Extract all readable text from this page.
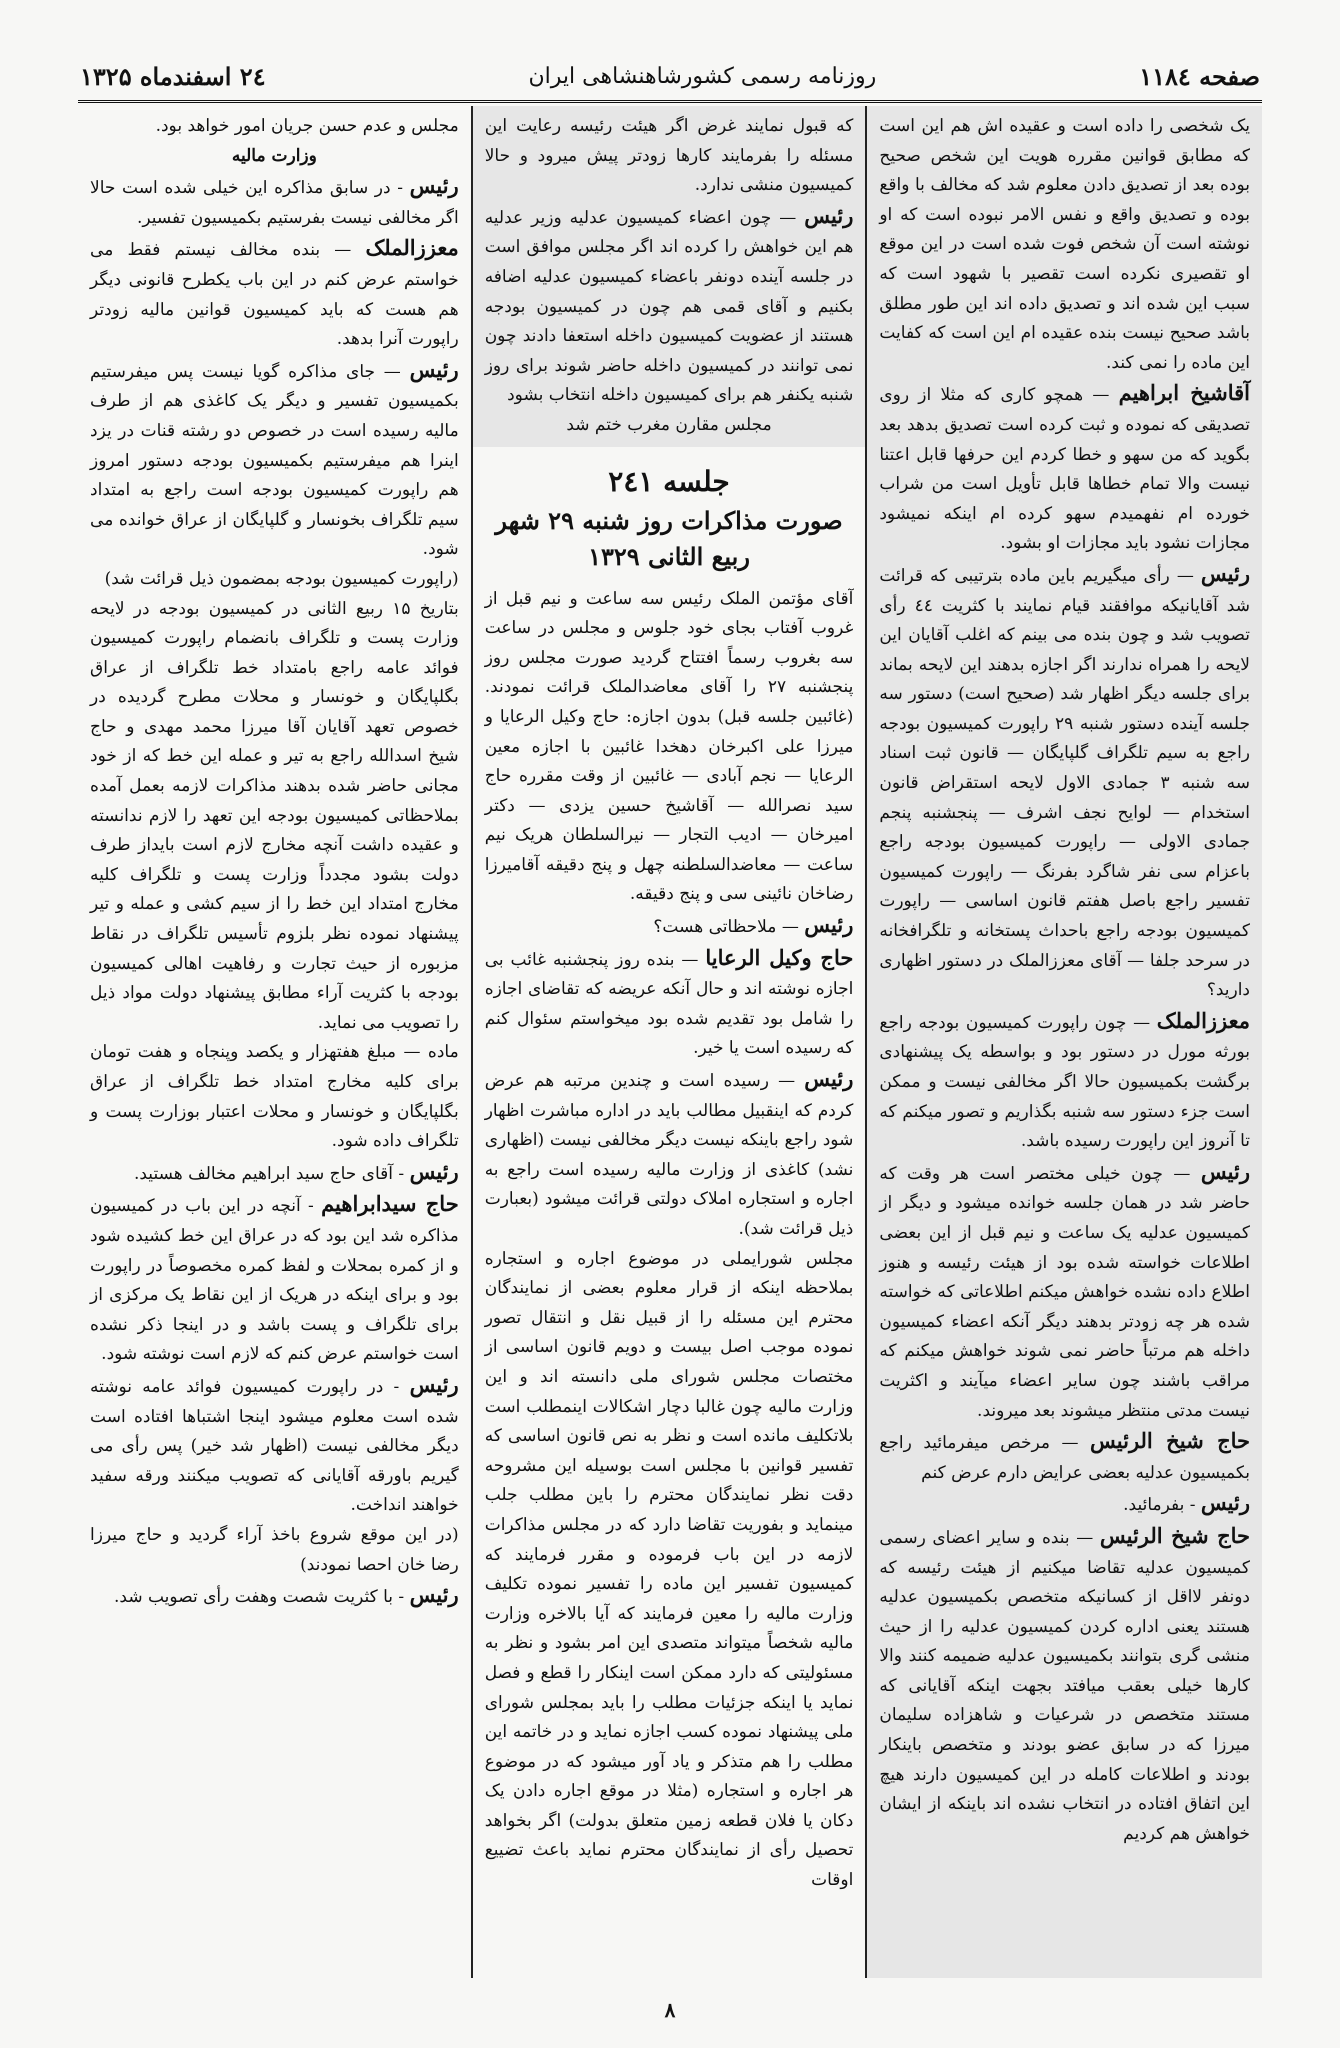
صفحه ۱۱۸٤
روزنامه رسمی کشورشاهنشاهی ایران
۲٤ اسفندماه ۱۳۲۵

یک شخصی را داده است و عقیده اش هم این است که مطابق قوانین مقرره هویت این شخص صحیح بوده بعد از تصدیق دادن معلوم شد که مخالف با واقع بوده و تصدیق واقع و نفس الامر نبوده است که او نوشته است آن شخص فوت شده است در این موقع او تقصیری نکرده است تقصیر با شهود است که سبب این شده اند و تصدیق داده اند این طور مطلق باشد صحیح نیست بنده عقیده ام این است که کفایت این ماده را نمی کند.

آقاشیخ ابراهیم — همچو کاری که مثلا از روی تصدیقی که نموده و ثبت کرده است تصدیق بدهد بعد بگوید که من سهو و خطا کردم این حرفها قابل اعتنا نیست والا تمام خطاها قابل تأویل است من شراب خورده ام نفهمیدم سهو کرده ام اینکه نمیشود مجازات نشود باید مجازات او بشود.

رئیس — رأی میگیریم باین ماده بترتیبی که قرائت شد آقایانیکه موافقند قیام نمایند با کثریت ٤٤ رأی تصویب شد و چون بنده می بینم که اغلب آقایان این لایحه را همراه ندارند اگر اجازه بدهند این لایحه بماند برای جلسه دیگر اظهار شد (صحیح است) دستور سه جلسه آینده دستور شنبه ۲۹ راپورت کمیسیون بودجه راجع به سیم تلگراف گلپایگان — قانون ثبت اسناد سه شنبه ۳ جمادی الاول لایحه استقراض قانون استخدام — لوایح نجف اشرف — پنجشنبه پنجم جمادی الاولی — راپورت کمیسیون بودجه راجع باعزام سی نفر شاگرد بفرنگ — راپورت کمیسیون تفسیر راجع باصل هفتم قانون اساسی — راپورت کمیسیون بودجه راجع باحداث پستخانه و تلگرافخانه در سرحد جلفا — آقای معززالملک در دستور اظهاری دارید؟

معززالملک — چون راپورت کمیسیون بودجه راجع بورثه مورل در دستور بود و بواسطه یک پیشنهادی برگشت بکمیسیون حالا اگر مخالفی نیست و ممکن است جزء دستور سه شنبه بگذاریم و تصور میکنم که تا آنروز این راپورت رسیده باشد.

رئیس — چون خیلی مختصر است هر وقت که حاضر شد در همان جلسه خوانده میشود و دیگر از کمیسیون عدلیه یک ساعت و نیم قبل از این بعضی اطلاعات خواسته شده بود از هیئت رئیسه و هنوز اطلاع داده نشده خواهش میکنم اطلاعاتی که خواسته شده هر چه زودتر بدهند دیگر آنکه اعضاء کمیسیون داخله هم مرتباً حاضر نمی شوند خواهش میکنم که مراقب باشند چون سایر اعضاء میآیند و اکثریت نیست مدتی منتظر میشوند بعد میروند.

حاج شیخ الرئیس — مرخص میفرمائید راجع بکمیسیون عدلیه بعضی عرایض دارم عرض کنم

رئیس - بفرمائید.

حاج شیخ الرئیس — بنده و سایر اعضای رسمی کمیسیون عدلیه تقاضا میکنیم از هیئت رئیسه که دونفر لااقل از کسانیکه متخصص بکمیسیون عدلیه هستند یعنی اداره کردن کمیسیون عدلیه را از حیث منشی گری بتوانند بکمیسیون عدلیه ضمیمه کنند والا کارها خیلی بعقب میافتد بجهت اینکه آقایانی که مستند متخصص در شرعیات و شاهزاده سلیمان میرزا که در سابق عضو بودند و متخصص باینکار بودند و اطلاعات کامله در این کمیسیون دارند هیچ این اتفاق افتاده در انتخاب نشده اند باینکه از ایشان خواهش هم کردیم

که قبول نمایند غرض اگر هیئت رئیسه رعایت این مسئله را بفرمایند کارها زودتر پیش میرود و حالا کمیسیون منشی ندارد.

رئیس — چون اعضاء کمیسیون عدلیه وزیر عدلیه هم این خواهش را کرده اند اگر مجلس موافق است در جلسه آینده دونفر باعضاء کمیسیون عدلیه اضافه بکنیم و آقای قمی هم چون در کمیسیون بودجه هستند از عضویت کمیسیون داخله استعفا دادند چون نمی توانند در کمیسیون داخله حاضر شوند برای روز شنبه یکنفر هم برای کمیسیون داخله انتخاب بشود

مجلس مقارن مغرب ختم شد

جلسه ۲٤۱
صورت مذاکرات روز شنبه ۲۹ شهر ربیع الثانی ۱۳۲۹

آقای مؤتمن الملک رئیس سه ساعت و نیم قبل از غروب آفتاب بجای خود جلوس و مجلس در ساعت سه بغروب رسماً افتتاح گردید صورت مجلس روز پنجشنبه ۲۷ را آقای معاضدالملک قرائت نمودند. (غائبین جلسه قبل) بدون اجازه: حاج وکیل الرعایا و میرزا علی اکبرخان دهخدا غائبین با اجازه معین الرعایا — نجم آبادی — غائبین از وقت مقرره حاج سید نصرالله — آقاشیخ حسین یزدی — دکتر امیرخان — ادیب التجار — نیرالسلطان هریک نیم ساعت — معاضدالسلطنه چهل و پنج دقیقه آقامیرزا رضاخان نائینی سی و پنج دقیقه.

رئیس — ملاحظاتی هست؟

حاج وکیل الرعایا — بنده روز پنجشنبه غائب بی اجازه نوشته اند و حال آنکه عریضه که تقاضای اجازه را شامل بود تقدیم شده بود میخواستم سئوال کنم که رسیده است یا خیر.

رئیس — رسیده است و چندین مرتبه هم عرض کردم که اینقبیل مطالب باید در اداره مباشرت اظهار شود راجع باینکه نیست دیگر مخالفی نیست (اظهاری نشد) کاغذی از وزارت مالیه رسیده است راجع به اجاره و استجاره املاک دولتی قرائت میشود (بعبارت ذیل قرائت شد).

مجلس شورایملی در موضوع اجاره و استجاره بملاحظه اینکه از قرار معلوم بعضی از نمایندگان محترم این مسئله را از قبیل نقل و انتقال تصور نموده موجب اصل بیست و دویم قانون اساسی از مختصات مجلس شورای ملی دانسته اند و این وزارت مالیه چون غالبا دچار اشکالات اینمطلب است بلاتکلیف مانده است و نظر به نص قانون اساسی که تفسیر قوانین با مجلس است بوسیله این مشروحه دقت نظر نمایندگان محترم را باین مطلب جلب مینماید و بفوریت تقاضا دارد که در مجلس مذاکرات لازمه در این باب فرموده و مقرر فرمایند که کمیسیون تفسیر این ماده را تفسیر نموده تکلیف وزارت مالیه را معین فرمایند که آیا بالاخره وزارت مالیه شخصاً میتواند متصدی این امر بشود و نظر به مسئولیتی که دارد ممکن است اینکار را قطع و فصل نماید یا اینکه جزئیات مطلب را باید بمجلس شورای ملی پیشنهاد نموده کسب اجازه نماید و در خاتمه این مطلب را هم متذکر و یاد آور میشود که در موضوع هر اجاره و استجاره (مثلا در موقع اجاره دادن یک دکان یا فلان قطعه زمین متعلق بدولت) اگر بخواهد تحصیل رأی از نمایندگان محترم نماید باعث تضییع اوقات

مجلس و عدم حسن جریان امور خواهد بود.

وزارت مالیه

رئیس - در سابق مذاکره این خیلی شده است حالا اگر مخالفی نیست بفرستیم بکمیسیون تفسیر.

معززالملک — بنده مخالف نیستم فقط می خواستم عرض کنم در این باب یکطرح قانونی دیگر هم هست که باید کمیسیون قوانین مالیه زودتر راپورت آنرا بدهد.

رئیس — جای مذاکره گویا نیست پس میفرستیم بکمیسیون تفسیر و دیگر یک کاغذی هم از طرف مالیه رسیده است در خصوص دو رشته قنات در یزد اینرا هم میفرستیم بکمیسیون بودجه دستور امروز هم راپورت کمیسیون بودجه است راجع به امتداد سیم تلگراف بخونسار و گلپایگان از عراق خوانده می شود.

(راپورت کمیسیون بودجه بمضمون ذیل قرائت شد)

بتاریخ ۱۵ ربیع الثانی در کمیسیون بودجه در لایحه وزارت پست و تلگراف بانضمام راپورت کمیسیون فوائد عامه راجع بامتداد خط تلگراف از عراق بگلپایگان و خونسار و محلات مطرح گردیده در خصوص تعهد آقایان آقا میرزا محمد مهدی و حاج شیخ اسدالله راجع به تیر و عمله این خط که از خود مجانی حاضر شده بدهند مذاکرات لازمه بعمل آمده بملاحظاتی کمیسیون بودجه این تعهد را لازم ندانسته و عقیده داشت آنچه مخارج لازم است بایداز طرف دولت بشود مجدداً وزارت پست و تلگراف کلیه مخارج امتداد این خط را از سیم کشی و عمله و تیر پیشنهاد نموده نظر بلزوم تأسیس تلگراف در نقاط مزبوره از حیث تجارت و رفاهیت اهالی کمیسیون بودجه با کثریت آراء مطابق پیشنهاد دولت مواد ذیل را تصویب می نماید.

ماده — مبلغ هفتهزار و یکصد وپنجاه و هفت تومان برای کلیه مخارج امتداد خط تلگراف از عراق بگلپایگان و خونسار و محلات اعتبار بوزارت پست و تلگراف داده شود.

رئیس - آقای حاج سید ابراهیم مخالف هستید.

حاج سیدابراهیم - آنچه در این باب در کمیسیون مذاکره شد این بود که در عراق این خط کشیده شود و از کمره بمحلات و لفظ کمره مخصوصاً در راپورت بود و برای اینکه در هریک از این نقاط یک مرکزی از برای تلگراف و پست باشد و در اینجا ذکر نشده است خواستم عرض کنم که لازم است نوشته شود.

رئیس - در راپورت کمیسیون فوائد عامه نوشته شده است معلوم میشود اینجا اشتباها افتاده است دیگر مخالفی نیست (اظهار شد خیر) پس رأی می گیریم باورقه آقایانی که تصویب میکنند ورقه سفید خواهند انداخت.

(در این موقع شروع باخذ آراء گردید و حاج میرزا رضا خان احصا نمودند)

رئیس - با کثریت شصت وهفت رأی تصویب شد.

۸
